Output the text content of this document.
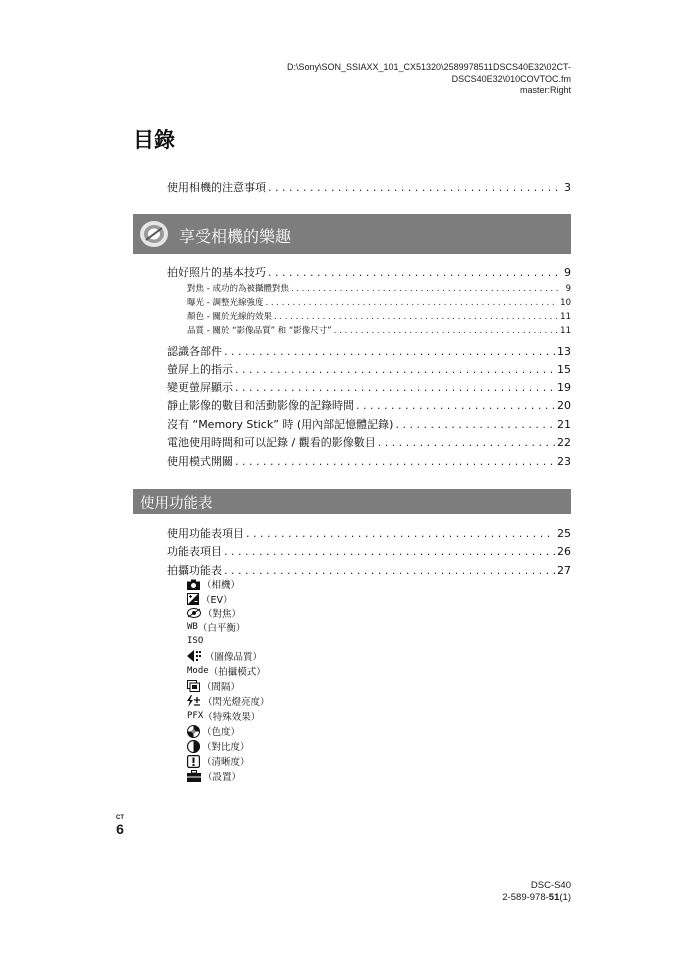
D:\Sony\SON_SSIAXX_101_CX51320\2589978511DSCS40E32\02CT-
DSCS40E32\010COVTOC.fm
master:Right
目錄
使用相機的注意事項 . . .	3
享受相機的樂趣
拍好照片的基本技巧 . . .	9
對焦 - 成功的為被攝體對焦 . . .	9
曝光 - 調整光線強度 . . .	10
顏色 - 關於光線的效果 . . .	11
品質 - 關於 “影像品質” 和 “影像尺寸” . . .	11
認識各部件 . . .	13
螢屏上的指示 . . .	15
變更螢屏顯示 . . .	19
靜止影像的數目和活動影像的記錄時間 . . .	20
沒有 “Memory Stick” 時 (用內部記憶體記錄) . . .	21
電池使用時間和可以記錄 / 觀看的影像數目 . . .	22
使用模式開關 . . .	23
使用功能表
使用功能表項目 . . .	25
功能表項目 . . .	26
拍攝功能表 . . .	27
（相機）
（EV）
（對焦）
WB （白平衡）
ISO
（圖像品質）
Mode （拍攝模式）
（間隔）
（閃光燈亮度）
PFX （特殊效果）
（色度）
（對比度）
（清晰度）
（設置）
CT
6
DSC-S40
2-589-978-51(1)
